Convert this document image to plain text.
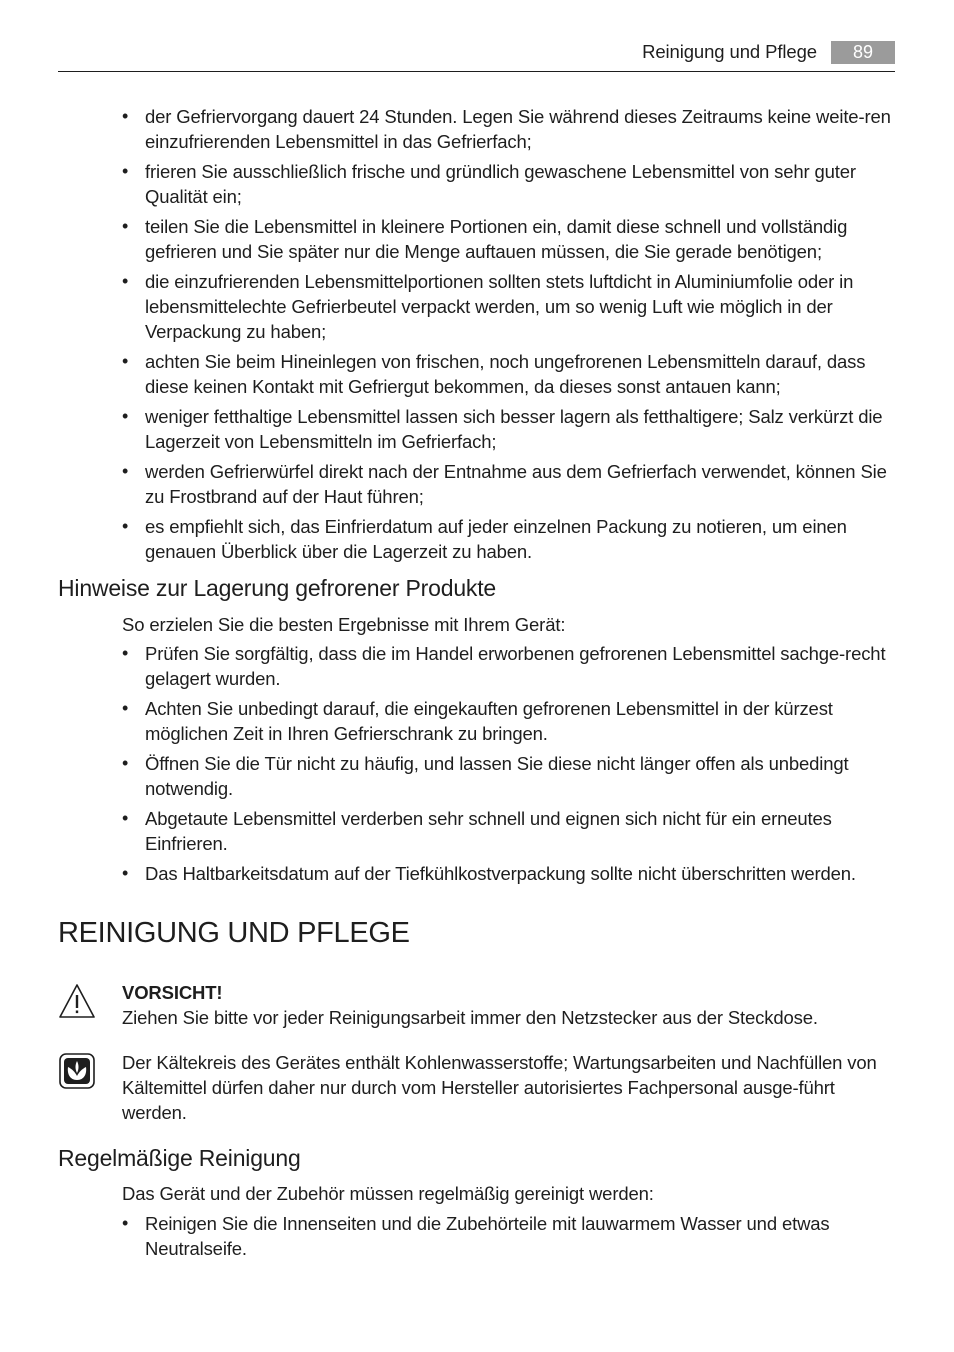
Reinigung und Pflege	89
• der Gefriervorgang dauert 24 Stunden. Legen Sie während dieses Zeitraums keine weite-ren einzufrierenden Lebensmittel in das Gefrierfach;
• frieren Sie ausschließlich frische und gründlich gewaschene Lebensmittel von sehr guter Qualität ein;
• teilen Sie die Lebensmittel in kleinere Portionen ein, damit diese schnell und vollständig gefrieren und Sie später nur die Menge auftauen müssen, die Sie gerade benötigen;
• die einzufrierenden Lebensmittelportionen sollten stets luftdicht in Aluminiumfolie oder in lebensmittelechte Gefrierbeutel verpackt werden, um so wenig Luft wie möglich in der Verpackung zu haben;
• achten Sie beim Hineinlegen von frischen, noch ungefrorenen Lebensmitteln darauf, dass diese keinen Kontakt mit Gefriergut bekommen, da dieses sonst antauen kann;
• weniger fetthaltige Lebensmittel lassen sich besser lagern als fetthaltigere; Salz verkürzt die Lagerzeit von Lebensmitteln im Gefrierfach;
• werden Gefrierwürfel direkt nach der Entnahme aus dem Gefrierfach verwendet, können Sie zu Frostbrand auf der Haut führen;
• es empfiehlt sich, das Einfrierdatum auf jeder einzelnen Packung zu notieren, um einen genauen Überblick über die Lagerzeit zu haben.
Hinweise zur Lagerung gefrorener Produkte
So erzielen Sie die besten Ergebnisse mit Ihrem Gerät:
• Prüfen Sie sorgfältig, dass die im Handel erworbenen gefrorenen Lebensmittel sachge-recht gelagert wurden.
• Achten Sie unbedingt darauf, die eingekauften gefrorenen Lebensmittel in der kürzest möglichen Zeit in Ihren Gefrierschrank zu bringen.
• Öffnen Sie die Tür nicht zu häufig, und lassen Sie diese nicht länger offen als unbedingt notwendig.
• Abgetaute Lebensmittel verderben sehr schnell und eignen sich nicht für ein erneutes Einfrieren.
• Das Haltbarkeitsdatum auf der Tiefkühlkostverpackung sollte nicht überschritten werden.
REINIGUNG UND PFLEGE
VORSICHT!
Ziehen Sie bitte vor jeder Reinigungsarbeit immer den Netzstecker aus der Steckdose.
Der Kältekreis des Gerätes enthält Kohlenwasserstoffe; Wartungsarbeiten und Nachfüllen von Kältemittel dürfen daher nur durch vom Hersteller autorisiertes Fachpersonal ausge-führt werden.
Regelmäßige Reinigung
Das Gerät und der Zubehör müssen regelmäßig gereinigt werden:
• Reinigen Sie die Innenseiten und die Zubehörteile mit lauwarmem Wasser und etwas Neutralseife.
